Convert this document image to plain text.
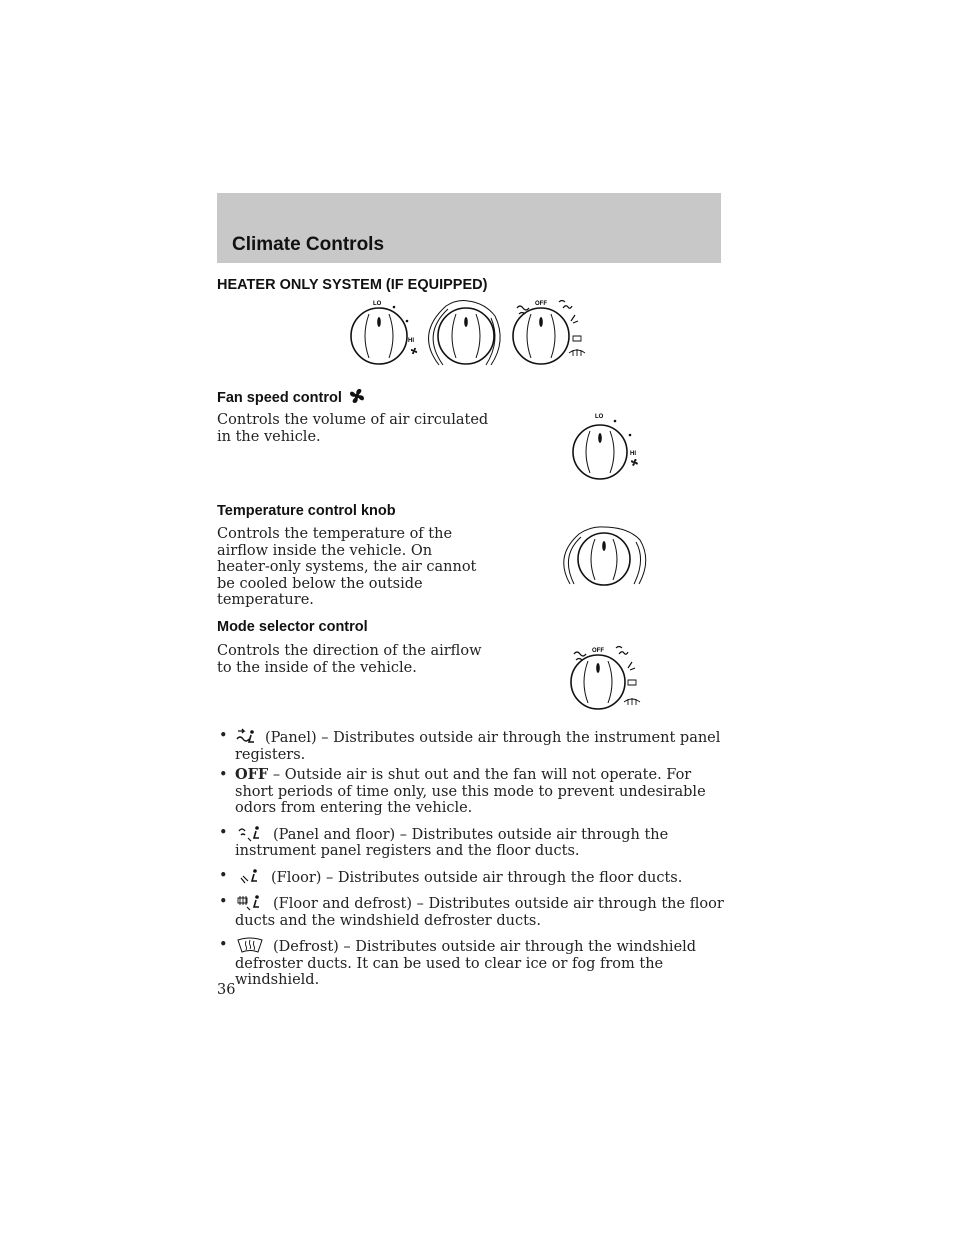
Climate Controls
HEATER ONLY SYSTEM (IF EQUIPPED)
LO
HI
OFF
Fan speed control
Controls the volume of air circulated
in the vehicle.
LO
HI
Temperature control knob
Controls the temperature of the
airflow inside the vehicle. On
heater-only systems, the air cannot
be cooled below the outside
temperature.
Mode selector control
Controls the direction of the airflow
to the inside of the vehicle.
OFF
•	(Panel) – Distributes outside air through the instrument panel registers.
• OFF – Outside air is shut out and the fan will not operate. For short periods of time only, use this mode to prevent undesirable odors from entering the vehicle.
•	(Panel and floor) – Distributes outside air through the instrument panel registers and the floor ducts.
•	(Floor) – Distributes outside air through the floor ducts.
•	(Floor and defrost) – Distributes outside air through the floor ducts and the windshield defroster ducts.
•	(Defrost) – Distributes outside air through the windshield defroster ducts. It can be used to clear ice or fog from the windshield.
36
